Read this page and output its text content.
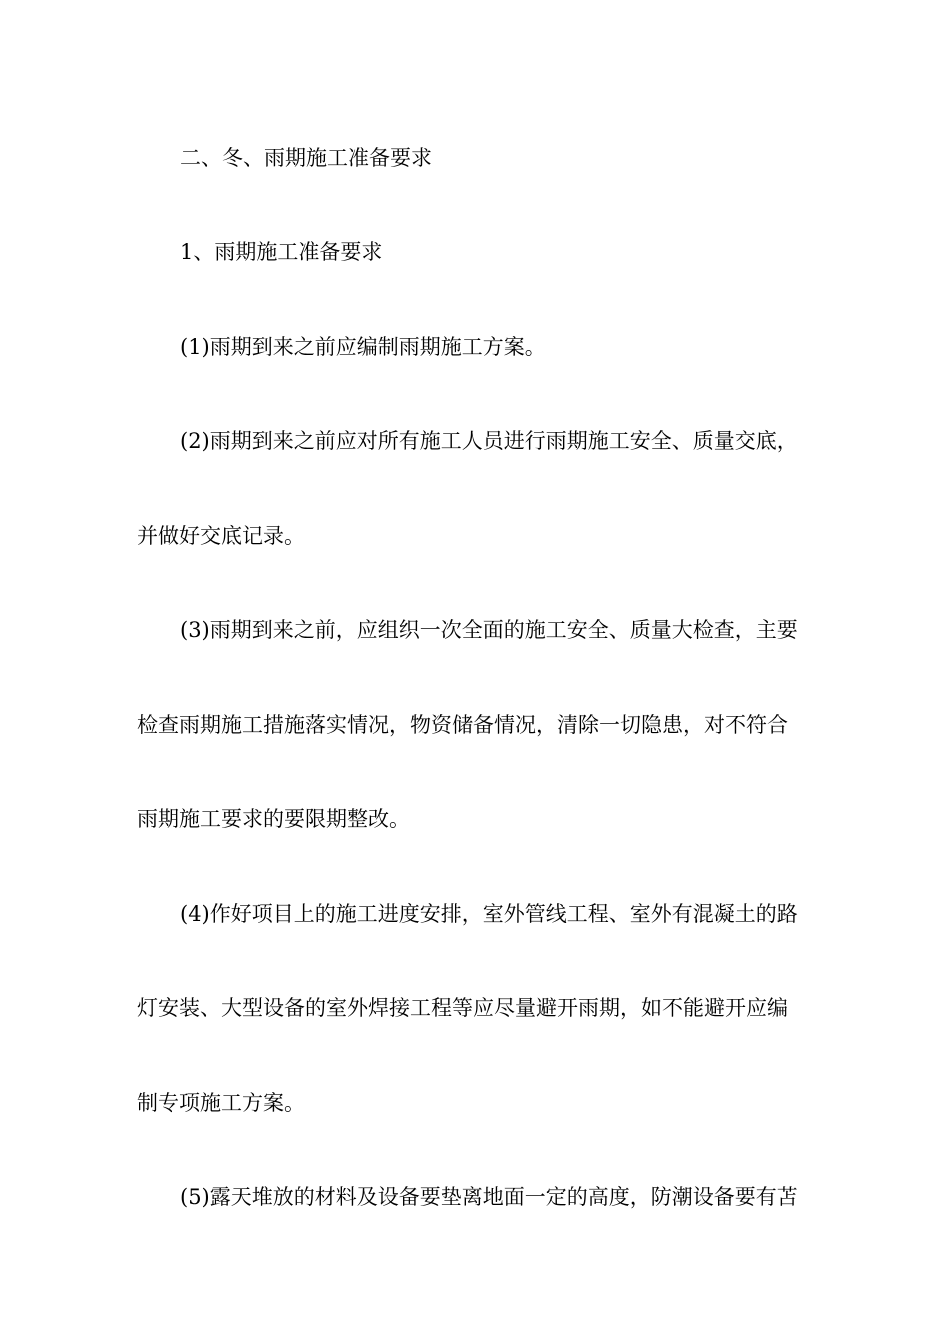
二、冬、雨期施工准备要求
1、雨期施工准备要求
(1)雨期到来之前应编制雨期施工方案。
(2)雨期到来之前应对所有施工人员进行雨期施工安全、质量交底，
并做好交底记录。
(3)雨期到来之前，应组织一次全面的施工安全、质量大检查，主要
检查雨期施工措施落实情况，物资储备情况，清除一切隐患，对不符合
雨期施工要求的要限期整改。
(4)作好项目上的施工进度安排，室外管线工程、室外有混凝土的路
灯安装、大型设备的室外焊接工程等应尽量避开雨期，如不能避开应编
制专项施工方案。
(5)露天堆放的材料及设备要垫离地面一定的高度，防潮设备要有苫
